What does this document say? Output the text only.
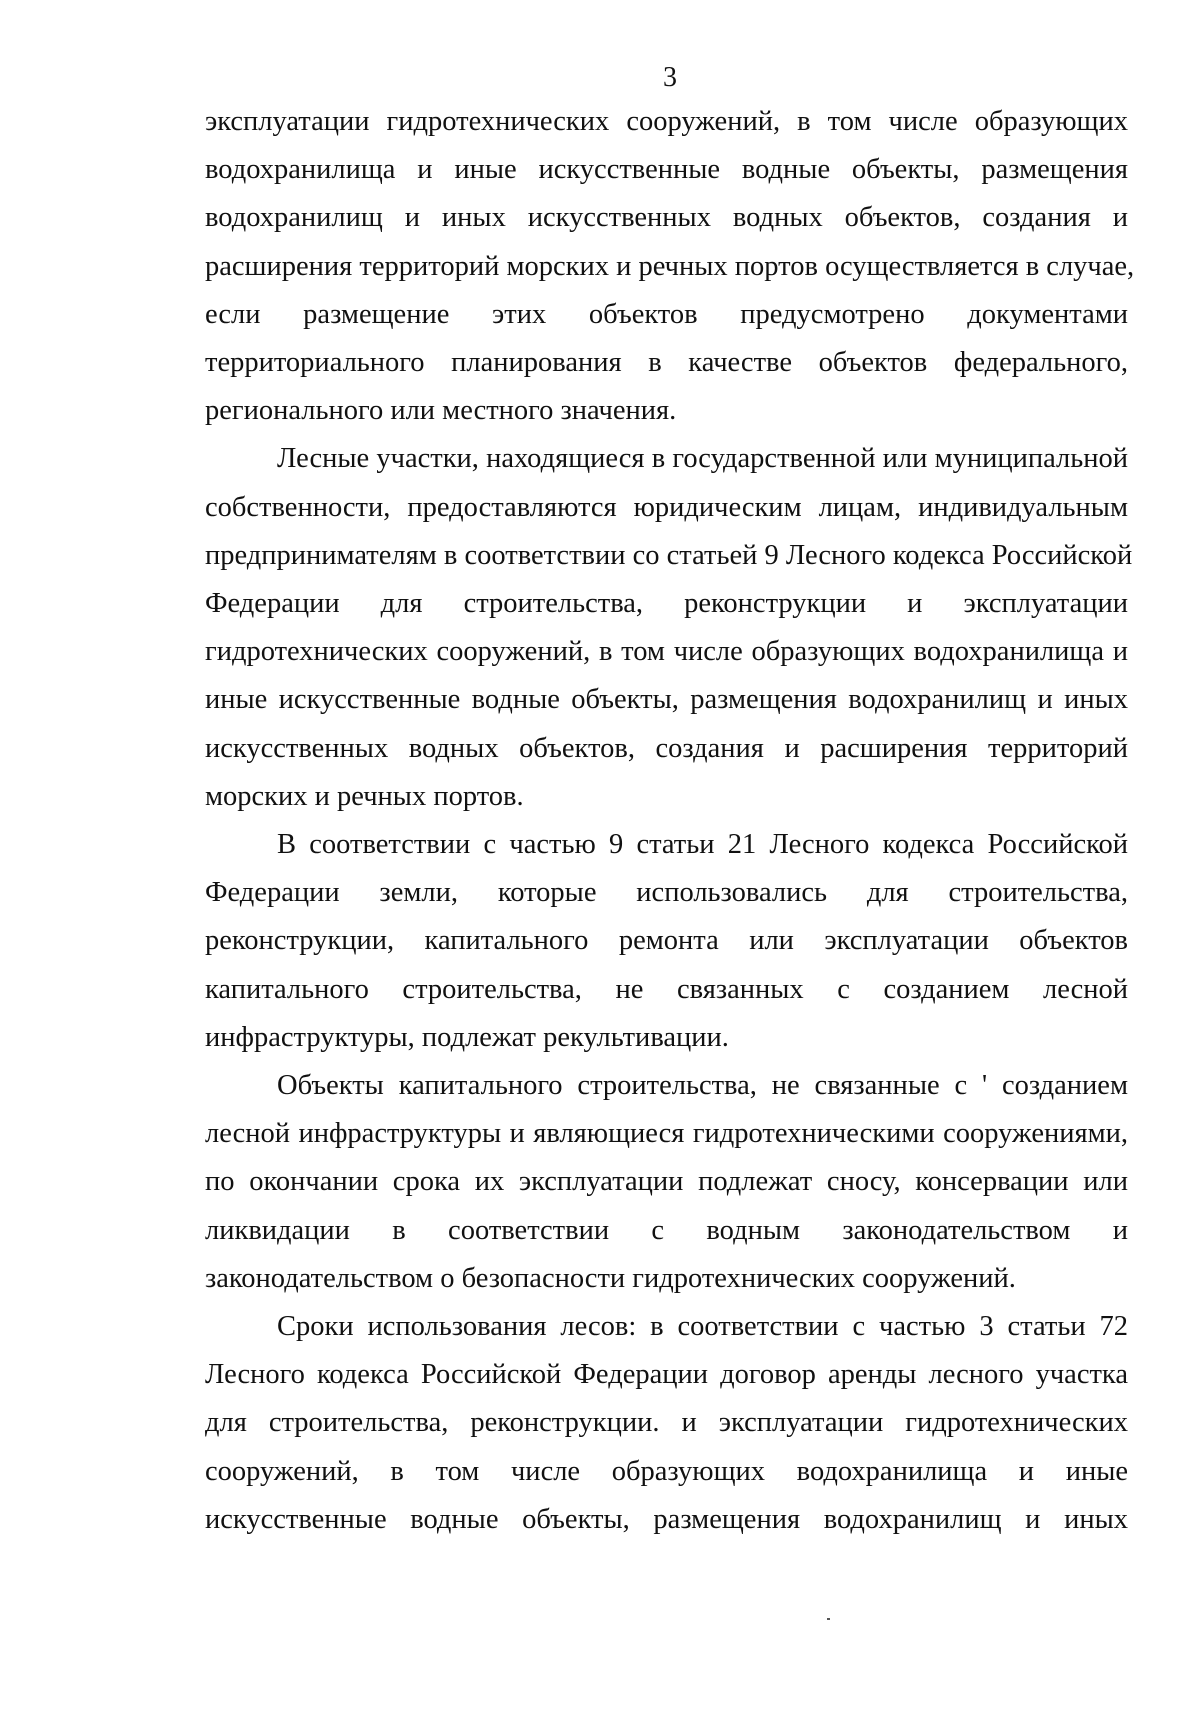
3
эксплуатации гидротехнических сооружений, в том числе образующих
водохранилища и иные искусственные водные объекты, размещения
водохранилищ и иных искусственных водных объектов, создания и
расширения территорий морских и речных портов осуществляется в случае,
если размещение этих объектов предусмотрено документами
территориального планирования в качестве объектов федерального,
регионального или местного значения.
Лесные участки, находящиеся в государственной или муниципальной
собственности, предоставляются юридическим лицам, индивидуальным
предпринимателям в соответствии со статьей 9 Лесного кодекса Российской
Федерации для строительства, реконструкции и эксплуатации
гидротехнических сооружений, в том числе образующих водохранилища и
иные искусственные водные объекты, размещения водохранилищ и иных
искусственных водных объектов, создания и расширения территорий
морских и речных портов.
В соответствии с частью 9 статьи 21 Лесного кодекса Российской
Федерации земли, которые использовались для строительства,
реконструкции, капитального ремонта или эксплуатации объектов
капитального строительства, не связанных с созданием лесной
инфраструктуры, подлежат рекультивации.
Объекты капитального строительства, не связанные с ' созданием
лесной инфраструктуры и являющиеся гидротехническими сооружениями,
по окончании срока их эксплуатации подлежат сносу, консервации или
ликвидации в соответствии с водным законодательством и
законодательством о безопасности гидротехнических сооружений.
Сроки использования лесов: в соответствии с частью 3 статьи 72
Лесного кодекса Российской Федерации договор аренды лесного участка
для строительства, реконструкции. и эксплуатации гидротехнических
сооружений, в том числе образующих водохранилища и иные
искусственные водные объекты, размещения водохранилищ и иных
